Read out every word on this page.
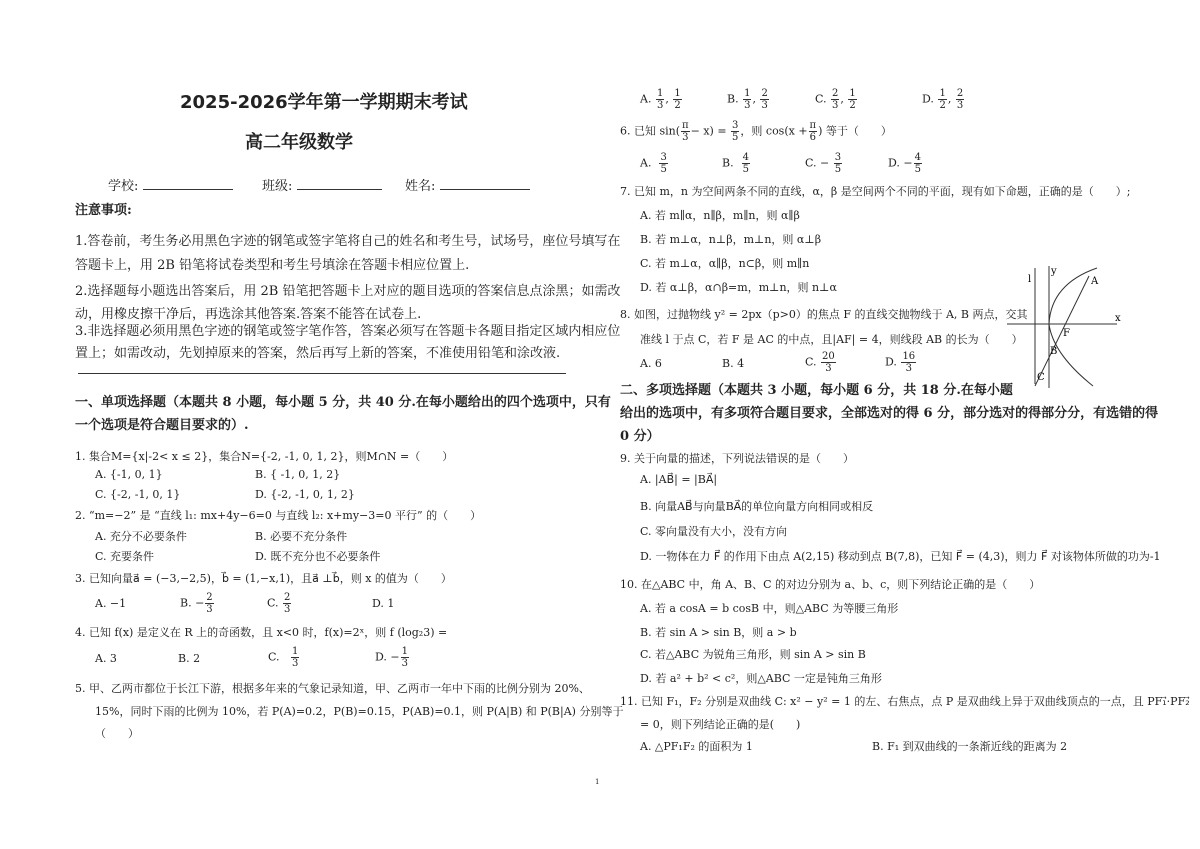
2025-2026学年第一学期期末考试
高二年级数学
学校:	班级:	姓名:
注意事项:
1.答卷前，考生务必用黑色字迹的钢笔或签字笔将自己的姓名和考生号，试场号，座位号填写在
答题卡上，用 2B 铅笔将试卷类型和考生号填涂在答题卡相应位置上.
2.选择题每小题选出答案后，用 2B 铅笔把答题卡上对应的题目选项的答案信息点涂黑；如需改
动，用橡皮擦干净后，再选涂其他答案.答案不能答在试卷上.
3.非选择题必须用黑色字迹的钢笔或签字笔作答，答案必须写在答题卡各题目指定区域内相应位
置上；如需改动，先划掉原来的答案，然后再写上新的答案，不准使用铅笔和涂改液.
一、单项选择题（本题共 8 小题，每小题 5 分，共 40 分.在每小题给出的四个选项中，只有
一个选项是符合题目要求的）.
1. 集合M={x|-2< x ≤ 2}，集合N={-2, -1, 0, 1, 2}，则M∩N =（　　）
A. {-1, 0, 1}	B. { -1, 0, 1, 2}
C. {-2, -1, 0, 1}	D. {-2, -1, 0, 1, 2}
2. “m=−2” 是 “直线 l₁: mx+4y−6=0 与直线 l₂: x+my−3=0 平行” 的（　　）
A. 充分不必要条件	B. 必要不充分条件
C. 充要条件	D. 既不充分也不必要条件
3. 已知向量a⃗ = (−3,−2,5)，b⃗ = (1,−x,1)，且a⃗ ⊥b⃗，则 x 的值为（　　）
A. −1	B. − $\frac{2}{3}$	C. $\frac{2}{3}$	D. 1
4. 已知 f(x) 是定义在 R 上的奇函数，且 x<0 时，f(x)=2ˣ，则 f (log₂3) =
A. 3	B. 2	C. $\frac{1}{3}$	D. − $\frac{1}{3}$
5. 甲、乙两市都位于长江下游，根据多年来的气象记录知道，甲、乙两市一年中下雨的比例分别为 20%、
15%，同时下雨的比例为 10%，若 P(A)=0.2，P(B)=0.15，P(AB)=0.1，则 P(A|B) 和 P(B|A) 分别等于
（　　）
A. $\frac{1}{3}$ , $\frac{1}{2}$	B. $\frac{1}{3}$ , $\frac{2}{3}$	C. $\frac{2}{3}$ , $\frac{1}{2}$	D. $\frac{1}{2}$ , $\frac{2}{3}$
6. 已知 $\sin( \frac{\pi}{3} - x) = \frac{3}{5}$ ，则 $\cos(x + \frac{\pi}{6}$ ) 等于（　　）
A. $\frac{3}{5}$	B. $\frac{4}{5}$	C. − $\frac{3}{5}$	D. − $\frac{4}{5}$
7. 已知 m，n 为空间两条不同的直线，α，β 是空间两个不同的平面，现有如下命题，正确的是（　　）;
A. 若 m∥α，n∥β，m∥n，则 α∥β
B. 若 m⊥α，n⊥β，m⊥n，则 α⊥β
C. 若 m⊥α，α∥β，n⊂β，则 m∥n
D. 若 α⊥β，α∩β=m，m⊥n，则 n⊥α
8. 如图，过抛物线 y² = 2px（p>0）的焦点 F 的直线交抛物线于 A, B 两点，交其
准线 l 于点 C，若 F 是 AC 的中点，且|AF| = 4，则线段 AB 的长为（　　）
A. 6	B. 4	C. $\frac{20}{3}$	D. $\frac{16}{3}$
l
y
x
A
F
B
C
二、多项选择题（本题共 3 小题，每小题 6 分，共 18 分.在每小题
给出的选项中，有多项符合题目要求，全部选对的得 6 分，部分选对的得部分分，有选错的得
0 分）
9. 关于向量的描述，下列说法错误的是（　　）
A. |AB⃗| = |BA⃗|
B. 向量AB⃗与向量BA⃗的单位向量方向相同或相反
C. 零向量没有大小，没有方向
D. 一物体在力 F⃗ 的作用下由点 A(2,15) 移动到点 B(7,8)，已知 F⃗ = (4,3)，则力 F⃗ 对该物体所做的功为-1
10. 在△ABC 中，角 A、B、C 的对边分别为 a、b、c，则下列结论正确的是（　　）
A. 若 a cosA = b cosB 中，则△ABC 为等腰三角形
B. 若 sin A > sin B，则 a > b
C. 若△ABC 为锐角三角形，则 sin A > sin B
D. 若 a² + b² < c²，则△ABC 一定是钝角三角形
11. 已知 F₁，F₂ 分别是双曲线 C: x² − y² = 1 的左、右焦点，点 P 是双曲线上异于双曲线顶点的一点，且 PF₁⃗·PF₂⃗
= 0，则下列结论正确的是(　　)
A. △PF₁F₂ 的面积为 1	B. F₁ 到双曲线的一条渐近线的距离为 2
1
